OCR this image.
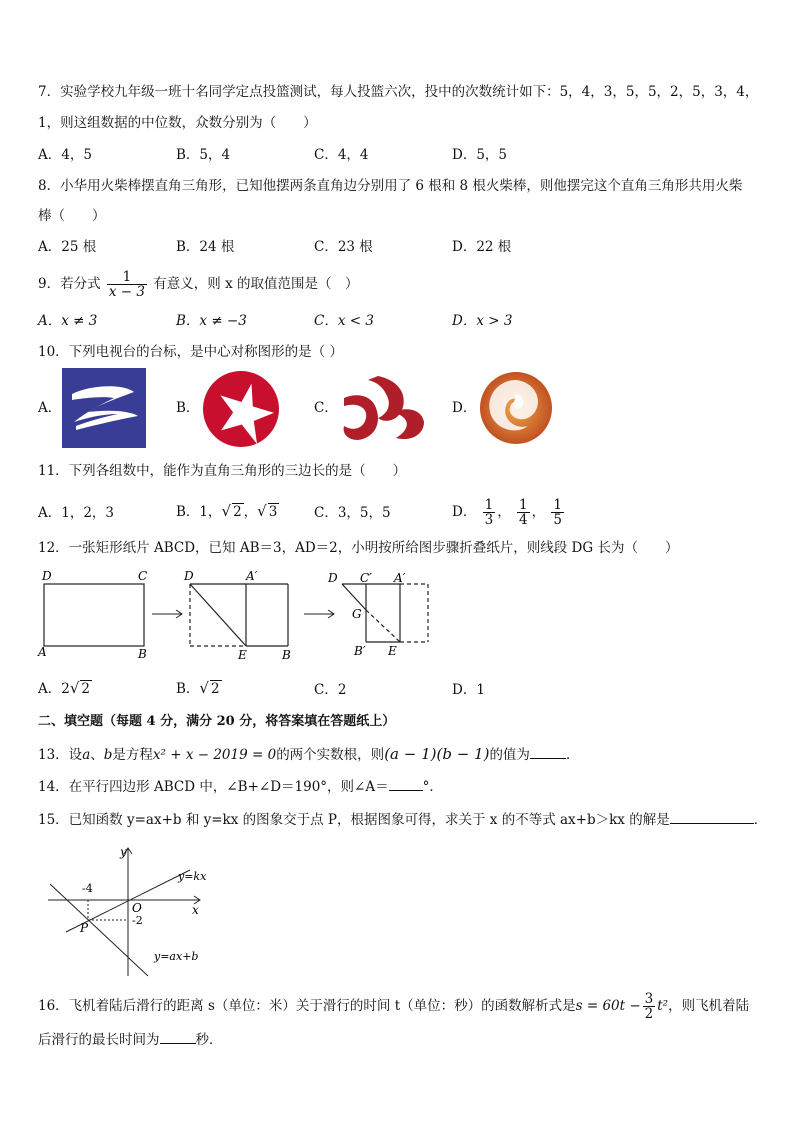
7．实验学校九年级一班十名同学定点投篮测试，每人投篮六次，投中的次数统计如下：5，4，3，5，5，2，5，3，4，
1，则这组数据的中位数，众数分别为（　　）
A．4，5	B．5，4	C．4，4	D．5，5
8．小华用火柴棒摆直角三角形，已知他摆两条直角边分别用了 6 根和 8 根火柴棒，则他摆完这个直角三角形共用火柴
棒（　　）
A．25 根	B．24 根	C．23 根	D．22 根
9．若分式 $\frac{1}{x - 3}$ 有意义，则 x 的取值范围是（　）
A．x ≠ 3	B．x ≠ −3	C．x < 3	D．x > 3
10．下列电视台的台标，是中心对称图形的是（ ）
A．	B．	C．	D．
11．下列各组数中，能作为直角三角形的三边长的是（　　）
A．1，2，3	B．1，√ 2 ，√ 3	C．3，5，5	D． $\frac{1}{3}$ ， $\frac{1}{4}$ ， $\frac{1}{5}$
12．一张矩形纸片 ABCD，已知 AB＝3，AD＝2，小明按所给图步骤折叠纸片，则线段 DG 长为（　　）
D	C
A	B
D	A′
E	B
D C′ A′
G
B′ E
A．2√ 2	B．√ 2	C．2	D．1
二、填空题（每题 4 分，满分 20 分，将答案填在答题纸上）
13．设a、b是方程x² + x − 2019 = 0的两个实数根，则(a − 1)(b − 1)的值为	．
14．在平行四边形 ABCD 中，∠B+∠D＝190°，则∠A＝	°．
15．已知函数 y=ax+b 和 y=kx 的图象交于点 P，根据图象可得，求关于 x 的不等式 ax+b＞kx 的解是	．
y
x
O
P
-4
-2
y=kx
y=ax+b
16．飞机着陆后滑行的距离 s（单位：米）关于滑行的时间 t（单位：秒）的函数解析式是$s = 60t - \frac{3}{2} t^2$，则飞机着陆
后滑行的最长时间为	秒．
